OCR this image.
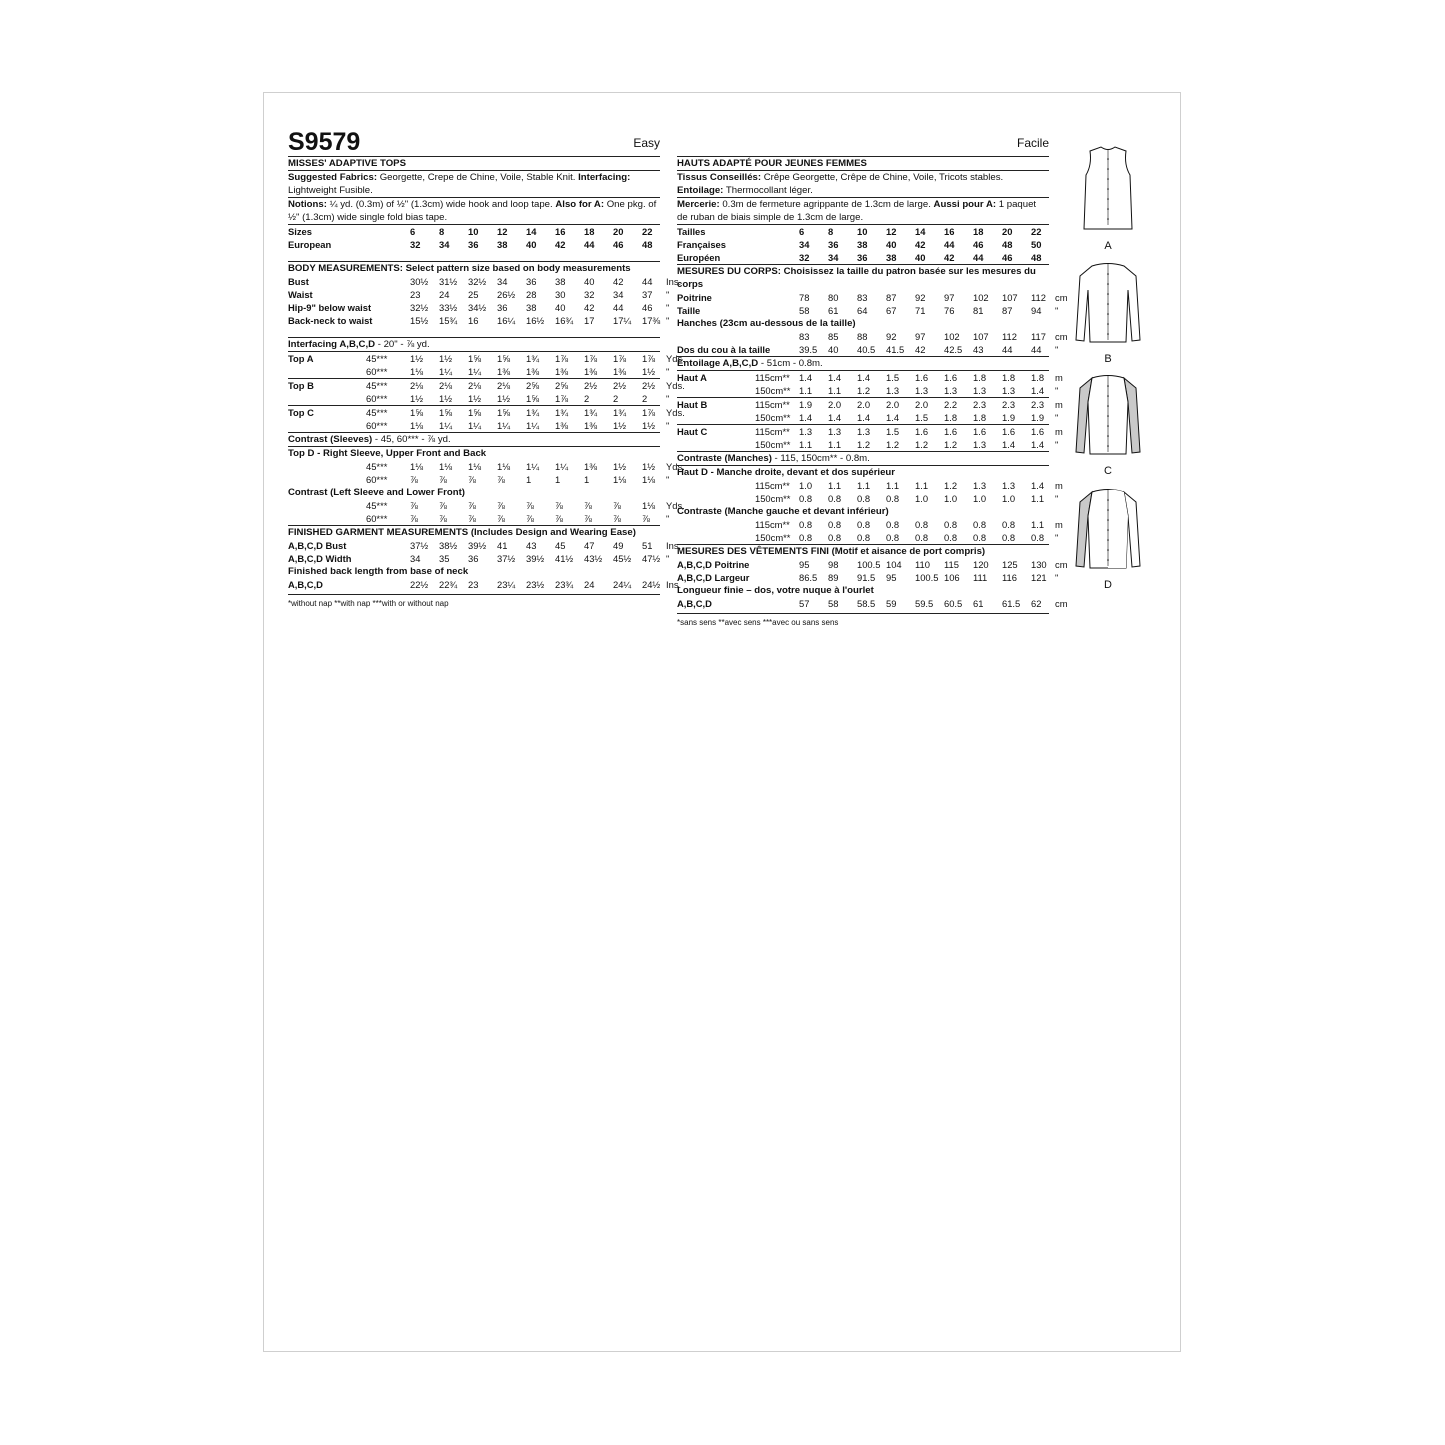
S9579	Easy
MISSES' ADAPTIVE TOPS
Suggested Fabrics: Georgette, Crepe de Chine, Voile, Stable Knit. Interfacing: Lightweight Fusible.
Notions: ¼ yd. (0.3m) of ½" (1.3cm) wide hook and loop tape. Also for A: One pkg. of ½" (1.3cm) wide single fold bias tape.
Sizes		6	8	10	12	14	16	18	20	22	
European		32	34	36	38	40	42	44	46	48	
BODY MEASUREMENTS: Select pattern size based on body measurements
Bust		30½	31½	32½	34	36	38	40	42	44	Ins.
Waist		23	24	25	26½	28	30	32	34	37	"
Hip-9" below waist		32½	33½	34½	36	38	40	42	44	46	"
Back-neck to waist		15½	15¾	16	16¼	16½	16¾	17	17¼	17⅜	"
Interfacing A,B,C,D - 20" - ⅞ yd.
Top A	45***	1½	1½	1⅝	1⅝	1¾	1⅞	1⅞	1⅞	1⅞	Yds.
	60***	1⅛	1¼	1¼	1⅜	1⅜	1⅜	1⅜	1⅜	1½	"
Top B	45***	2⅛	2⅛	2⅛	2⅛	2⅝	2⅝	2½	2½	2½	Yds.
	60***	1½	1½	1½	1½	1⅝	1⅞	2	2	2	"
Top C	45***	1⅝	1⅝	1⅝	1⅝	1¾	1¾	1¾	1¾	1⅞	Yds.
	60***	1⅛	1¼	1¼	1¼	1¼	1⅜	1⅜	1½	1½	"
Contrast (Sleeves) - 45, 60*** - ⅞ yd.
Top D - Right Sleeve, Upper Front and Back
	45***	1⅛	1⅛	1⅛	1⅛	1¼	1¼	1⅜	1½	1½	Yds.
	60***	⅞	⅞	⅞	⅞	1	1	1	1⅛	1⅛	"
Contrast (Left Sleeve and Lower Front)
	45***	⅞	⅞	⅞	⅞	⅞	⅞	⅞	⅞	1⅛	Yds.
	60***	⅞	⅞	⅞	⅞	⅞	⅞	⅞	⅞	⅞	"
FINISHED GARMENT MEASUREMENTS (Includes Design and Wearing Ease)
A,B,C,D Bust		37½	38½	39½	41	43	45	47	49	51	Ins.
A,B,C,D Width		34	35	36	37½	39½	41½	43½	45½	47½	"
Finished back length from base of neck
A,B,C,D		22½	22¾	23	23¼	23½	23¾	24	24¼	24½	Ins.
*without nap **with nap ***with or without nap
Facile
HAUTS ADAPTÉ POUR JEUNES FEMMES
Tissus Conseillés: Crêpe Georgette, Crêpe de Chine, Voile, Tricots stables. Entoilage: Thermocollant léger.
Mercerie: 0.3m de fermeture agrippante de 1.3cm de large. Aussi pour A: 1 paquet de ruban de biais simple de 1.3cm de large.
Tailles		6	8	10	12	14	16	18	20	22	
Françaises		34	36	38	40	42	44	46	48	50	
Européen		32	34	36	38	40	42	44	46	48	
MESURES DU CORPS: Choisissez la taille du patron basée sur les mesures du corps
Poitrine		78	80	83	87	92	97	102	107	112	cm
Taille		58	61	64	67	71	76	81	87	94	"
Hanches (23cm au-dessous de la taille)
		83	85	88	92	97	102	107	112	117	cm
Dos du cou à la taille		39.5	40	40.5	41.5	42	42.5	43	44	44	"
Entoilage A,B,C,D - 51cm - 0.8m.
Haut A	115cm**	1.4	1.4	1.4	1.5	1.6	1.6	1.8	1.8	1.8	m
	150cm**	1.1	1.1	1.2	1.3	1.3	1.3	1.3	1.3	1.4	"
Haut B	115cm**	1.9	2.0	2.0	2.0	2.0	2.2	2.3	2.3	2.3	m
	150cm**	1.4	1.4	1.4	1.4	1.5	1.8	1.8	1.9	1.9	"
Haut C	115cm**	1.3	1.3	1.3	1.5	1.6	1.6	1.6	1.6	1.6	m
	150cm**	1.1	1.1	1.2	1.2	1.2	1.2	1.3	1.4	1.4	"
Contraste (Manches) - 115, 150cm** - 0.8m.
Haut D - Manche droite, devant et dos supérieur
	115cm**	1.0	1.1	1.1	1.1	1.1	1.2	1.3	1.3	1.4	m
	150cm**	0.8	0.8	0.8	0.8	1.0	1.0	1.0	1.0	1.1	"
Contraste (Manche gauche et devant inférieur)
	115cm**	0.8	0.8	0.8	0.8	0.8	0.8	0.8	0.8	1.1	m
	150cm**	0.8	0.8	0.8	0.8	0.8	0.8	0.8	0.8	0.8	"
MESURES DES VÊTEMENTS FINI (Motif et aisance de port compris)
A,B,C,D Poitrine		95	98	100.5	104	110	115	120	125	130	cm
A,B,C,D Largeur		86.5	89	91.5	95	100.5	106	111	116	121	"
Longueur finie – dos, votre nuque à l'ourlet
A,B,C,D		57	58	58.5	59	59.5	60.5	61	61.5	62	cm
*sans sens **avec sens ***avec ou sans sens
A
B
C
D
